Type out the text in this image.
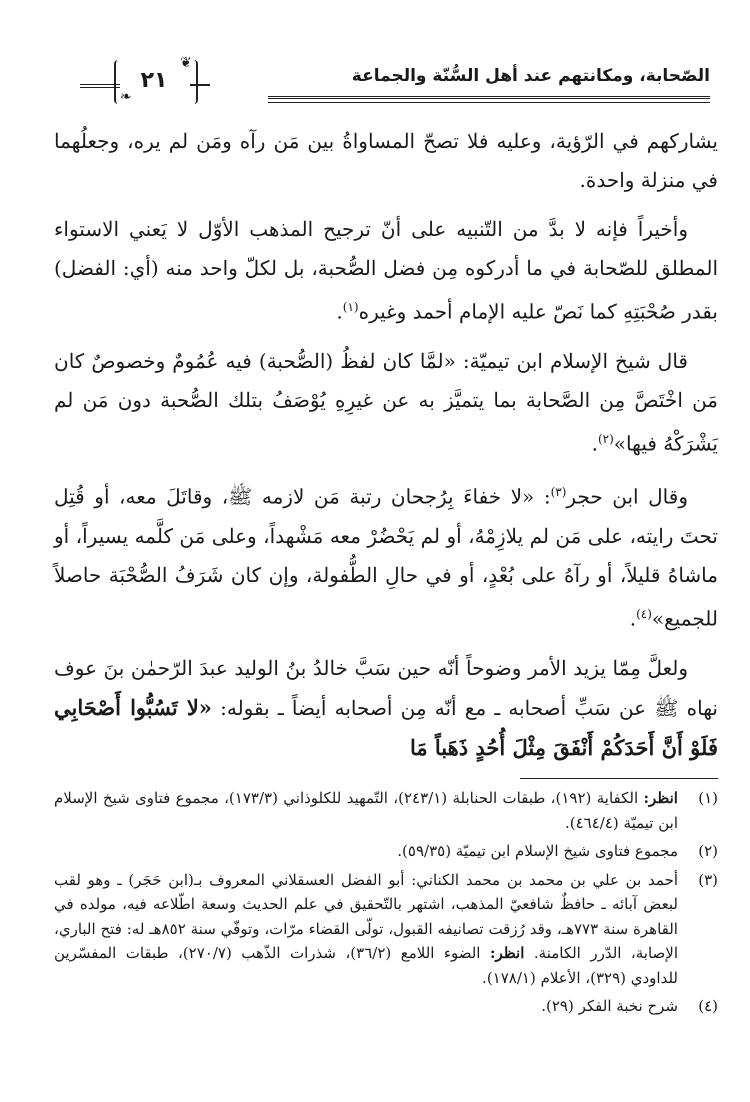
الصّحابة، ومكانتهم عند أهل السُّنّة والجماعة
❦
❧
٢١

يشاركهم في الرّؤية، وعليه فلا تصحّ المساواةُ بين مَن رآه ومَن لم يره، وجعلُهما في منزلة واحدة.

وأخيراً فإنه لا بدَّ من التّنبيه على أنّ ترجيح المذهب الأوّل لا يَعني الاستواء المطلق للصّحابة في ما أدركوه مِن فضل الصُّحبة، بل لكلّ واحد منه (أي: الفضل) بقدر صُحْبَتِهِ كما نَصّ عليه الإمام أحمد وغيره$^{(١)}$.

قال شيخ الإسلام ابن تيميّة: «لمَّا كان لفظُ (الصُّحبة) فيه عُمُومٌ وخصوصٌ كان مَن اخْتَصَّ مِن الصَّحابة بما يتميَّز به عن غيرِهِ يُوْصَفُ بتلك الصُّحبة دون مَن لم يَشْرَكْهُ فيها»$^{(٢)}$.

وقال ابن حجر$^{(٣)}$: «لا خفاءَ بِرُجحان رتبة مَن لازمه ﷺ، وقاتَلَ معه، أو قُتِل تحتَ رايته، على مَن لم يلازِمْهُ، أو لم يَحْضُرْ معه مَشْهداً، وعلى مَن كلَّمه يسيراً، أو ماشاهُ قليلاً، أو رآهُ على بُعْدٍ، أو في حالِ الطُّفولة، وإن كان شَرَفُ الصُّحْبَة حاصلاً للجميع»$^{(٤)}$.

ولعلَّ مِمّا يزيد الأمر وضوحاً أنّه حين سَبَّ خالدُ بنُ الوليد عبدَ الرّحمٰن بنَ عوف نهاه ﷺ عن سَبِّ أصحابه ـ مع أنّه مِن أصحابه أيضاً ـ بقوله: «لا تَسُبُّوا أَصْحَابِي فَلَوْ أَنَّ أَحَدَكُمْ أَنْفَقَ مِثْلَ أُحُدٍ ذَهَباً مَا

(١)
انظر: الكفاية (١٩٢)، طبقات الحنابلة (٢٤٣/١)، التّمهيد للكلوذاني (١٧٣/٣)، مجموع فتاوى شيخ الإسلام ابن تيميّة (٤٦٤/٤).
(٢)
مجموع فتاوى شيخ الإسلام ابن تيميّة (٥٩/٣٥).
(٣)
أحمد بن علي بن محمد بن محمد الكناني: أبو الفضل العسقلاني المعروف بـ(ابن حَجَر) ـ وهو لقب لبعض آبائه ـ حافظٌ شافعيّ المذهب، اشتهر بالتّحقيق في علم الحديث وسعة اطّلاعه فيه، مولده في القاهرة سنة ٧٧٣هـ، وقد رُزقت تصانيفه القبول، تولّى القضاء مرّات، وتوفّي سنة ٨٥٢هـ له: فتح الباري، الإصابة، الدّرر الكامنة. انظر: الضوء اللامع (٣٦/٢)، شذرات الذّهب (٢٧٠/٧)، طبقات المفسّرين للداودي (٣٢٩)، الأعلام (١٧٨/١).
(٤)
شرح نخبة الفكر (٢٩).
